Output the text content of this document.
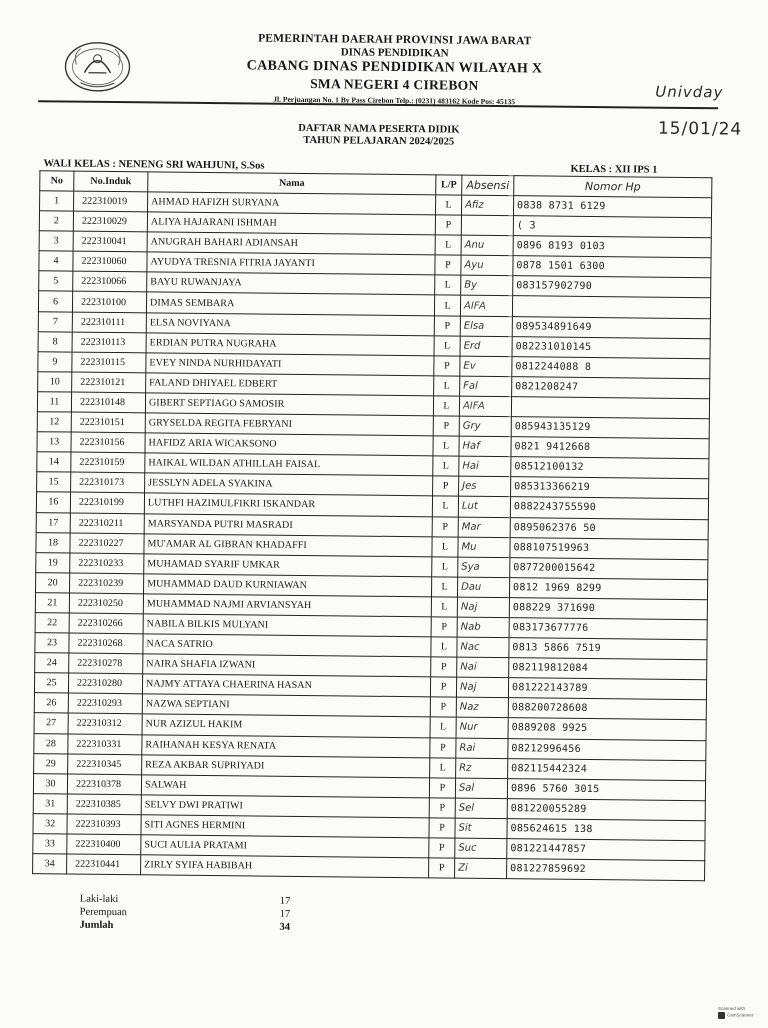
PEMERINTAH DAERAH PROVINSI JAWA BARAT
DINAS PENDIDIKAN
CABANG DINAS PENDIDIKAN WILAYAH X
SMA NEGERI 4 CIREBON
Jl. Perjuangan No. 1 By Pass Cirebon Telp.: (0231) 483162 Kode Pos: 45135	Univday
15/01/24
DAFTAR NAMA PESERTA DIDIK
TAHUN PELAJARAN 2024/2025
WALI KELAS : NENENG SRI WAHJUNI, S.Sos	KELAS : XII IPS 1
No	No.Induk	Nama	L/P	Absensi	Nomor Hp
1	222310019	AHMAD HAFIZH SURYANA	L	Afiz	0838 8731 6129
2	222310029	ALIYA HAJARANI ISHMAH	P		( 3
3	222310041	ANUGRAH BAHARI ADIANSAH	L	Anu	0896 8193 0103
4	222310060	AYUDYA TRESNIA FITRIA JAYANTI	P	Ayu	0878 1501 6300
5	222310066	BAYU RUWANJAYA	L	By	083157902790
6	222310100	DIMAS SEMBARA	L	AIFA	
7	222310111	ELSA NOVIYANA	P	Elsa	089534891649
8	222310113	ERDIAN PUTRA NUGRAHA	L	Erd	082231010145
9	222310115	EVEY NINDA NURHIDAYATI	P	Ev	0812244088 8
10	222310121	FALAND DHIYAEL EDBERT	L	Fal	0821208247
11	222310148	GIBERT SEPTIAGO SAMOSIR	L	AIFA	
12	222310151	GRYSELDA REGITA FEBRYANI	P	Gry	085943135129
13	222310156	HAFIDZ ARIA WICAKSONO	L	Haf	0821 9412668
14	222310159	HAIKAL WILDAN ATHILLAH FAISAL	L	Hai	08512100132
15	222310173	JESSLYN ADELA SYAKINA	P	Jes	085313366219
16	222310199	LUTHFI HAZIMULFIKRI ISKANDAR	L	Lut	0882243755590
17	222310211	MARSYANDA PUTRI MASRADI	P	Mar	0895062376 50
18	222310227	MU'AMAR AL GIBRAN KHADAFFI	L	Mu	088107519963
19	222310233	MUHAMAD SYARIF UMKAR	L	Sya	0877200015642
20	222310239	MUHAMMAD DAUD KURNIAWAN	L	Dau	0812 1969 8299
21	222310250	MUHAMMAD NAJMI ARVIANSYAH	L	Naj	088229 371690
22	222310266	NABILA BILKIS MULYANI	P	Nab	083173677776
23	222310268	NACA SATRIO	L	Nac	0813 5866 7519
24	222310278	NAIRA SHAFIA IZWANI	P	Nai	082119812084
25	222310280	NAJMY ATTAYA CHAERINA HASAN	P	Naj	081222143789
26	222310293	NAZWA SEPTIANI	P	Naz	088200728608
27	222310312	NUR AZIZUL HAKIM	L	Nur	0889208 9925
28	222310331	RAIHANAH KESYA RENATA	P	Rai	08212996456
29	222310345	REZA AKBAR SUPRIYADI	L	Rz	082115442324
30	222310378	SALWAH	P	Sal	0896 5760 3015
31	222310385	SELVY DWI PRATIWI	P	Sel	081220055289
32	222310393	SITI AGNES HERMINI	P	Sit	085624615 138
33	222310400	SUCI AULIA PRATAMI	P	Suc	081221447857
34	222310441	ZIRLY SYIFA HABIBAH	P	Zi	081227859692
Laki-laki	17
Perempuan	17
Jumlah	34
Scanned with
CamScanner
